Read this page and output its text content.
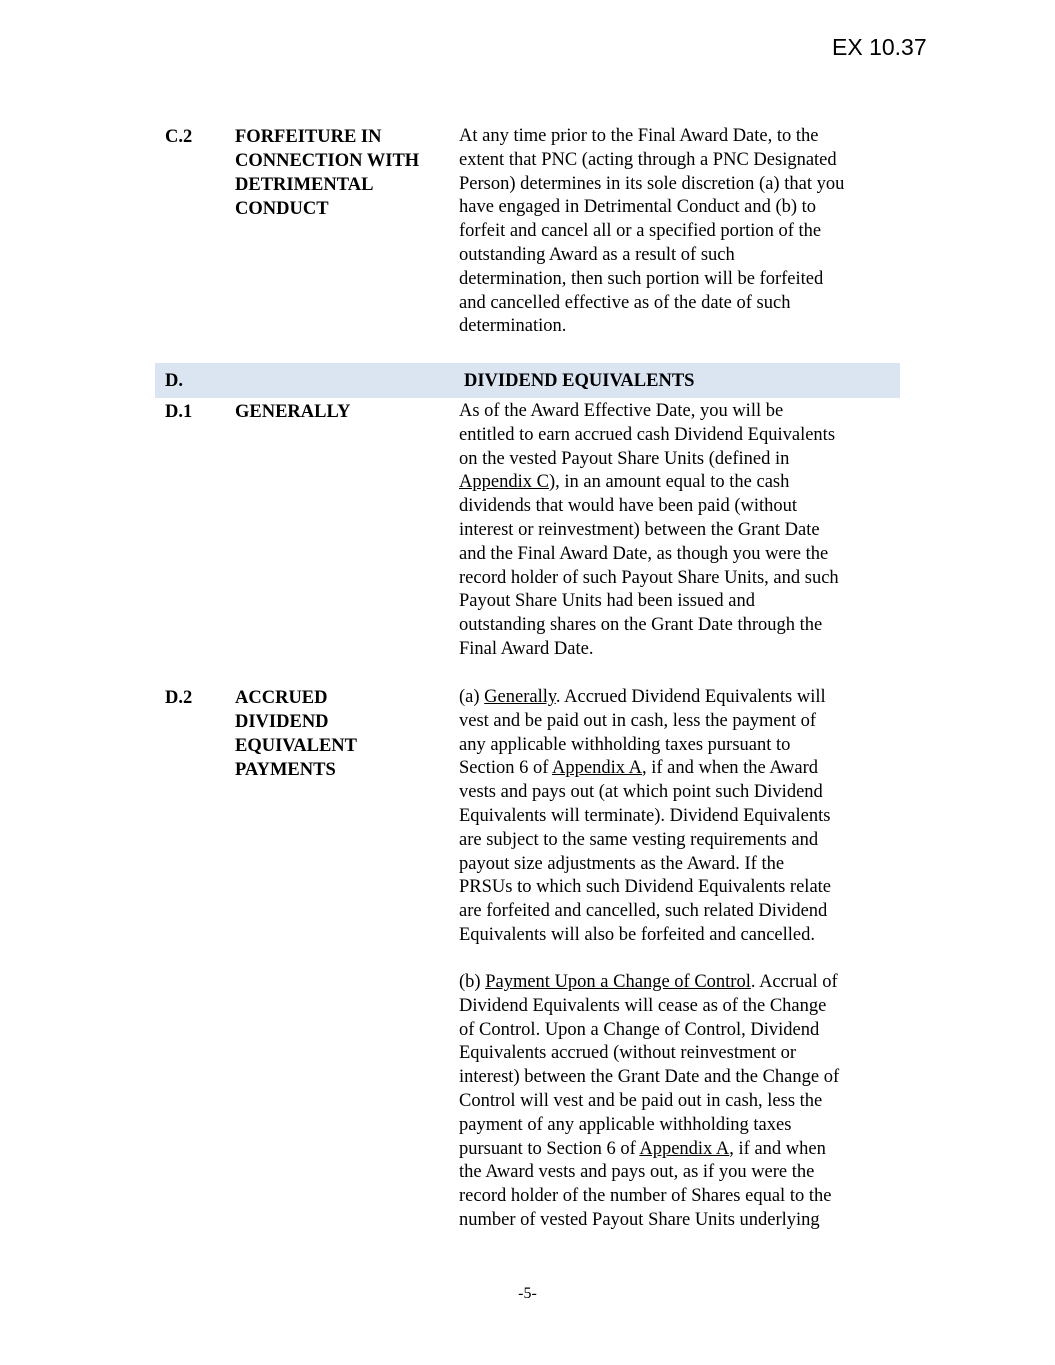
EX 10.37
C.2 FORFEITURE IN
CONNECTION WITH
DETRIMENTAL
CONDUCT
At any time prior to the Final Award Date, to the
extent that PNC (acting through a PNC Designated
Person) determines in its sole discretion (a) that you
have engaged in Detrimental Conduct and (b) to
forfeit and cancel all or a specified portion of the
outstanding Award as a result of such
determination, then such portion will be forfeited
and cancelled effective as of the date of such
determination.
D.	DIVIDEND EQUIVALENTS
D.1 GENERALLY	As of the Award Effective Date, you will be
entitled to earn accrued cash Dividend Equivalents
on the vested Payout Share Units (defined in
Appendix C), in an amount equal to the cash
dividends that would have been paid (without
interest or reinvestment) between the Grant Date
and the Final Award Date, as though you were the
record holder of such Payout Share Units, and such
Payout Share Units had been issued and
outstanding shares on the Grant Date through the
Final Award Date.
D.2 ACCRUED
DIVIDEND
EQUIVALENT
PAYMENTS
(a) Generally. Accrued Dividend Equivalents will
vest and be paid out in cash, less the payment of
any applicable withholding taxes pursuant to
Section 6 of Appendix A, if and when the Award
vests and pays out (at which point such Dividend
Equivalents will terminate). Dividend Equivalents
are subject to the same vesting requirements and
payout size adjustments as the Award. If the
PRSUs to which such Dividend Equivalents relate
are forfeited and cancelled, such related Dividend
Equivalents will also be forfeited and cancelled.
(b) Payment Upon a Change of Control. Accrual of
Dividend Equivalents will cease as of the Change
of Control. Upon a Change of Control, Dividend
Equivalents accrued (without reinvestment or
interest) between the Grant Date and the Change of
Control will vest and be paid out in cash, less the
payment of any applicable withholding taxes
pursuant to Section 6 of Appendix A, if and when
the Award vests and pays out, as if you were the
record holder of the number of Shares equal to the
number of vested Payout Share Units underlying
-5-
